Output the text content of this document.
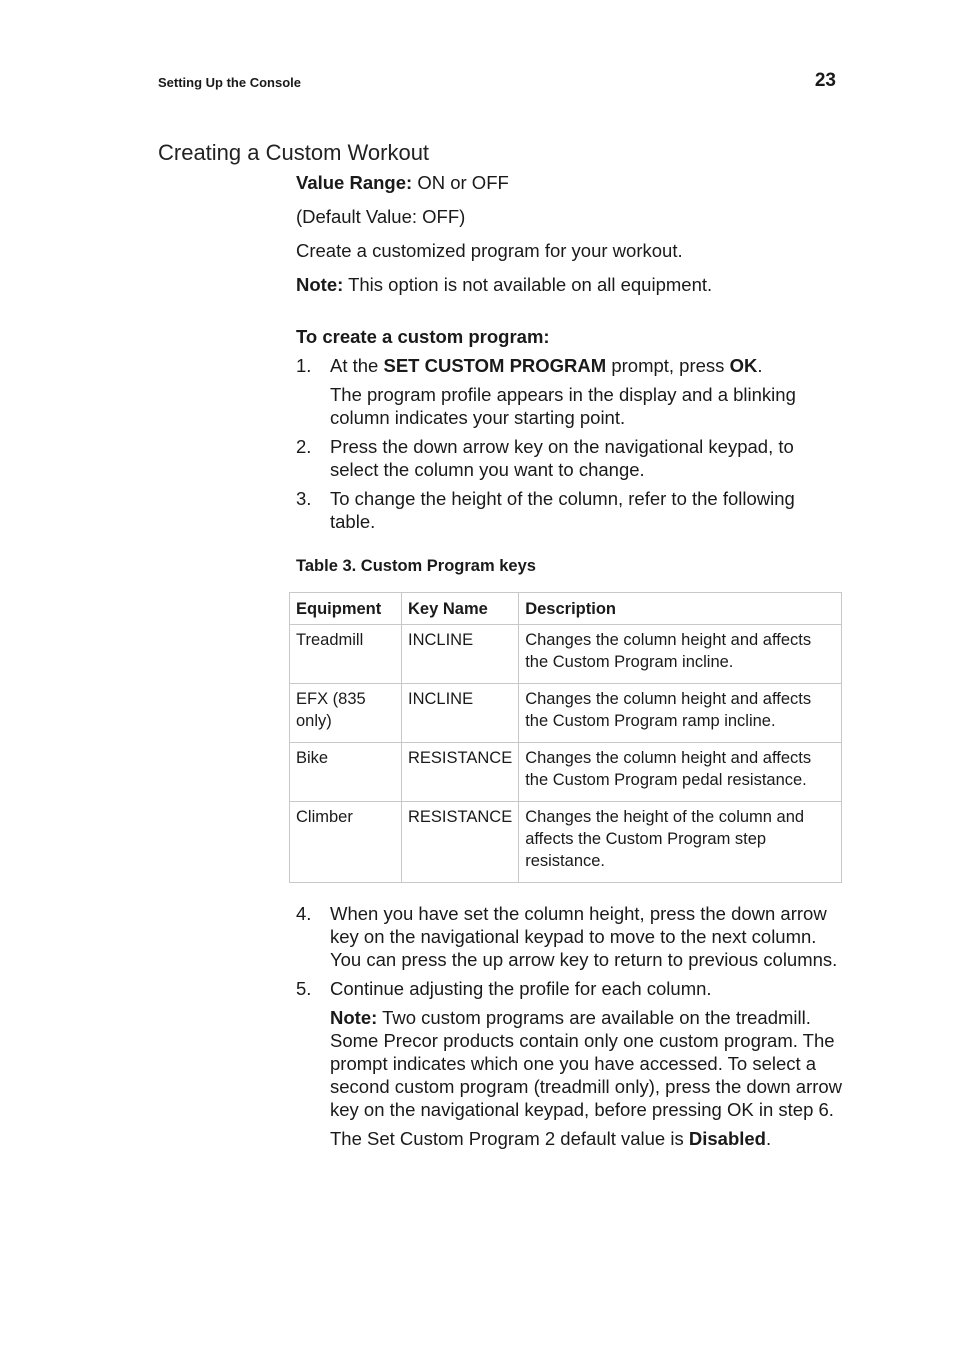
Setting Up the Console	23
Creating a Custom Workout

Value Range: ON or OFF

(Default Value: OFF)

Create a customized program for your workout.

Note: This option is not available on all equipment.

To create a custom program:
1. At the SET CUSTOM PROGRAM prompt, press OK.
The program profile appears in the display and a blinking column indicates your starting point.
2. Press the down arrow key on the navigational keypad, to select the column you want to change.
3. To change the height of the column, refer to the following table.
Table 3. Custom Program keys
Equipment	Key Name	Description
Treadmill	INCLINE	Changes the column height and affects the Custom Program incline.
EFX (835 only)	INCLINE	Changes the column height and affects the Custom Program ramp incline.
Bike	RESISTANCE	Changes the column height and affects the Custom Program pedal resistance.
Climber	RESISTANCE	Changes the height of the column and affects the Custom Program step resistance.
4. When you have set the column height, press the down arrow key on the navigational keypad to move to the next column. You can press the up arrow key to return to previous columns.
5. Continue adjusting the profile for each column.
Note: Two custom programs are available on the treadmill. Some Precor products contain only one custom program. The prompt indicates which one you have accessed. To select a second custom program (treadmill only), press the down arrow key on the navigational keypad, before pressing OK in step 6.
The Set Custom Program 2 default value is Disabled.
